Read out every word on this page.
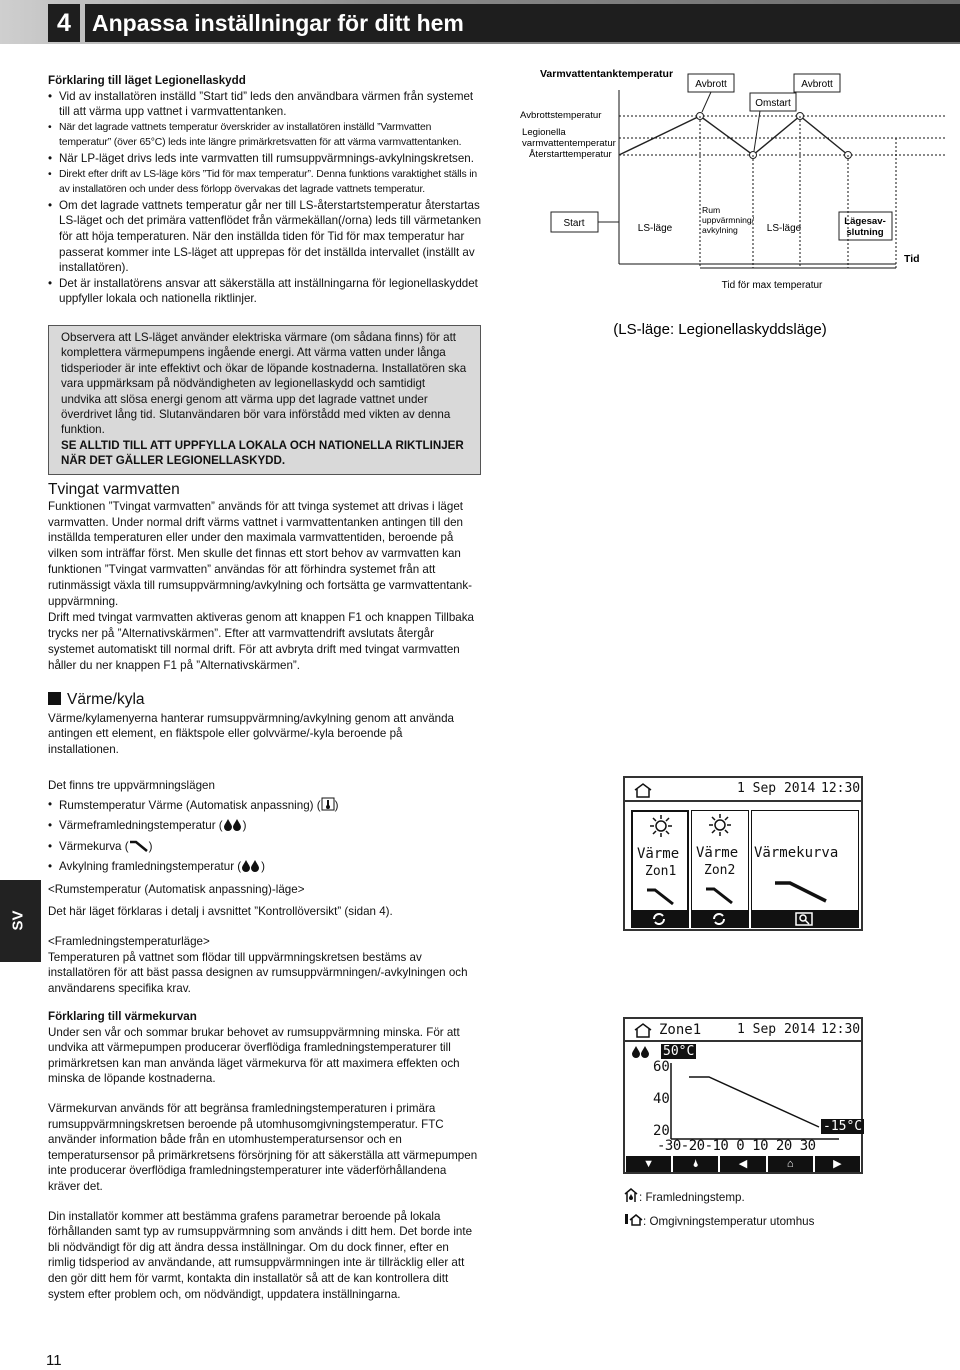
4 Anpassa inställningar för ditt hem
Förklaring till läget Legionellaskydd
• Vid av installatören inställd ”Start tid” leds den användbara värmen från systemet till att värma upp vattnet i varmvattentanken.
• När det lagrade vattnets temperatur överskrider av installatören inställd ”Varmvatten temperatur” (över 65°C) leds inte längre primärkretsvatten för att värma varmvattentanken.
• När LP-läget drivs leds inte varmvatten till rumsuppvärmnings-avkylningskretsen.
• Direkt efter drift av LS-läge körs ”Tid för max temperatur”. Denna funktions varaktighet ställs in av installatören och under dess förlopp övervakas det lagrade vattnets temperatur.
• Om det lagrade vattnets temperatur går ner till LS-återstartstemperatur återstartas LS-läget och det primära vattenflödet från värmekällan(/orna) leds till värmetanken för att höja temperaturen. När den inställda tiden för Tid för max temperatur har passerat kommer inte LS-läget att upprepas för det inställda intervallet (inställt av installatören).
• Det är installatörens ansvar att säkerställa att inställningarna för legionellaskyddet uppfyller lokala och nationella riktlinjer.
Observera att LS-läget använder elektriska värmare (om sådana finns) för att komplettera värmepumpens ingående energi. Att värma vatten under långa tidsperioder är inte effektivt och ökar de löpande kostnaderna. Installatören ska vara uppmärksam på nödvändigheten av legionellaskydd och samtidigt undvika att slösa energi genom att värma upp det lagrade vattnet under överdrivet lång tid. Slutanvändaren bör vara införstådd med vikten av denna funktion.
SE ALLTID TILL ATT UPPFYLLA LOKALA OCH NATIONELLA RIKTLINJER NÄR DET GÄLLER LEGIONELLASKYDD.
Varmvattentanktemperatur
Avbrottstemperatur
Legionella varmvattentemperatur
Återstarttemperatur
Avbrott
Omstart
Avbrott
Start	LS-läge
Rum uppvärmning/ avkylning	LS-läge
Lägesav-slutning
Tid för max temperatur
Tid
(LS-läge: Legionellaskyddsläge)
Tvingat varmvatten
Funktionen ”Tvingat varmvatten” används för att tvinga systemet att drivas i läget varmvatten. Under normal drift värms vattnet i varmvattentanken antingen till den inställda temperaturen eller under den maximala varmvattentiden, beroende på vilken som inträffar först. Men skulle det finnas ett stort behov av varmvatten kan funktionen ”Tvingat varmvatten” användas för att förhindra systemet från att rutinmässigt växla till rumsuppvärmning/avkylning och fortsätta ge varmvattentank-uppvärmning.
Drift med tvingat varmvatten aktiveras genom att knappen F1 och knappen Tillbaka trycks ner på ”Alternativskärmen”. Efter att varmvattendrift avslutats återgår systemet automatiskt till normal drift. För att avbryta drift med tvingat varmvatten håller du ner knappen F1 på ”Alternativskärmen”.
Värme/kyla
Värme/kylamenyerna hanterar rumsuppvärmning/avkylning genom att använda antingen ett element, en fläktspole eller golvvärme/-kyla beroende på installationen.
Det finns tre uppvärmningslägen
• Rumstemperatur Värme (Automatisk anpassning) ( )
• Värmeframledningstemperatur ( )
• Värmekurva ( )
• Avkylning framledningstemperatur ( )
<Rumstemperatur (Automatisk anpassning)-läge>
Det här läget förklaras i detalj i avsnittet ”Kontrollöversikt” (sidan 4).
<Framledningstemperaturläge>
Temperaturen på vattnet som flödar till uppvärmningskretsen bestäms av installatören för att bäst passa designen av rumsuppvärmningen/-avkylningen och användarens specifika krav.
Förklaring till värmekurvan
Under sen vår och sommar brukar behovet av rumsuppvärmning minska. För att undvika att värmepumpen producerar överflödiga framledningstemperaturer till primärkretsen kan man använda läget värmekurva för att maximera effekten och minska de löpande kostnaderna.
Värmekurvan används för att begränsa framledningstemperaturen i primära rumsuppvärmningskretsen beroende på utomhusomgivningstemperatur. FTC använder information både från en utomhustemperatursensor och en temperatursensor på primärkretsens försörjning för att säkerställa att värmepumpen inte producerar överflödiga framledningstemperaturer inte väderförhållandena kräver det.
Din installatör kommer att bestämma grafens parametrar beroende på lokala förhållanden samt typ av rumsuppvärmning som används i ditt hem. Det borde inte bli nödvändigt för dig att ändra dessa inställningar. Om du dock finner, efter en rimlig tidsperiod av användande, att rumsuppvärmningen inte är tillräcklig eller att den gör ditt hem för varmt, kontakta din installatör så att de kan kontrollera ditt system efter problem och, om nödvändigt, uppdatera inställningarna.
1 Sep 2014 12:30
Värme
Zon1
Värme
Zon2
Värmekurva
Zone1	1 Sep 2014 12:30
50°C
60
40
20	-15°C
-30-20-10 0 10 20 30
▼	🌢	◀	⌂	▶
: Framledningstemp.
: Omgivningstemperatur utomhus
SV
11
